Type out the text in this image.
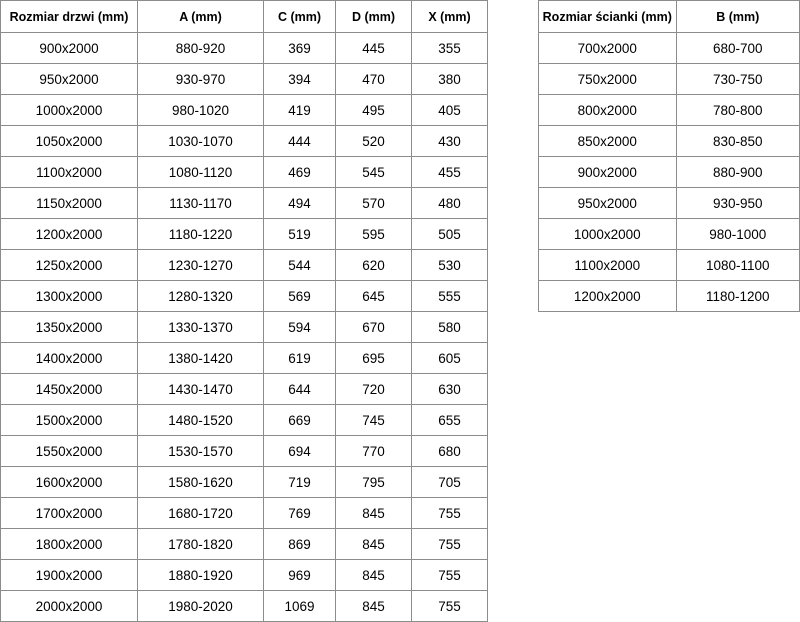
Rozmiar drzwi (mm)	A (mm)	C (mm)	D (mm)	X (mm)
900x2000	880-920	369	445	355
950x2000	930-970	394	470	380
1000x2000	980-1020	419	495	405
1050x2000	1030-1070	444	520	430
1100x2000	1080-1120	469	545	455
1150x2000	1130-1170	494	570	480
1200x2000	1180-1220	519	595	505
1250x2000	1230-1270	544	620	530
1300x2000	1280-1320	569	645	555
1350x2000	1330-1370	594	670	580
1400x2000	1380-1420	619	695	605
1450x2000	1430-1470	644	720	630
1500x2000	1480-1520	669	745	655
1550x2000	1530-1570	694	770	680
1600x2000	1580-1620	719	795	705
1700x2000	1680-1720	769	845	755
1800x2000	1780-1820	869	845	755
1900x2000	1880-1920	969	845	755
2000x2000	1980-2020	1069	845	755
Rozmiar ścianki (mm)	B (mm)
700x2000	680-700
750x2000	730-750
800x2000	780-800
850x2000	830-850
900x2000	880-900
950x2000	930-950
1000x2000	980-1000
1100x2000	1080-1100
1200x2000	1180-1200
